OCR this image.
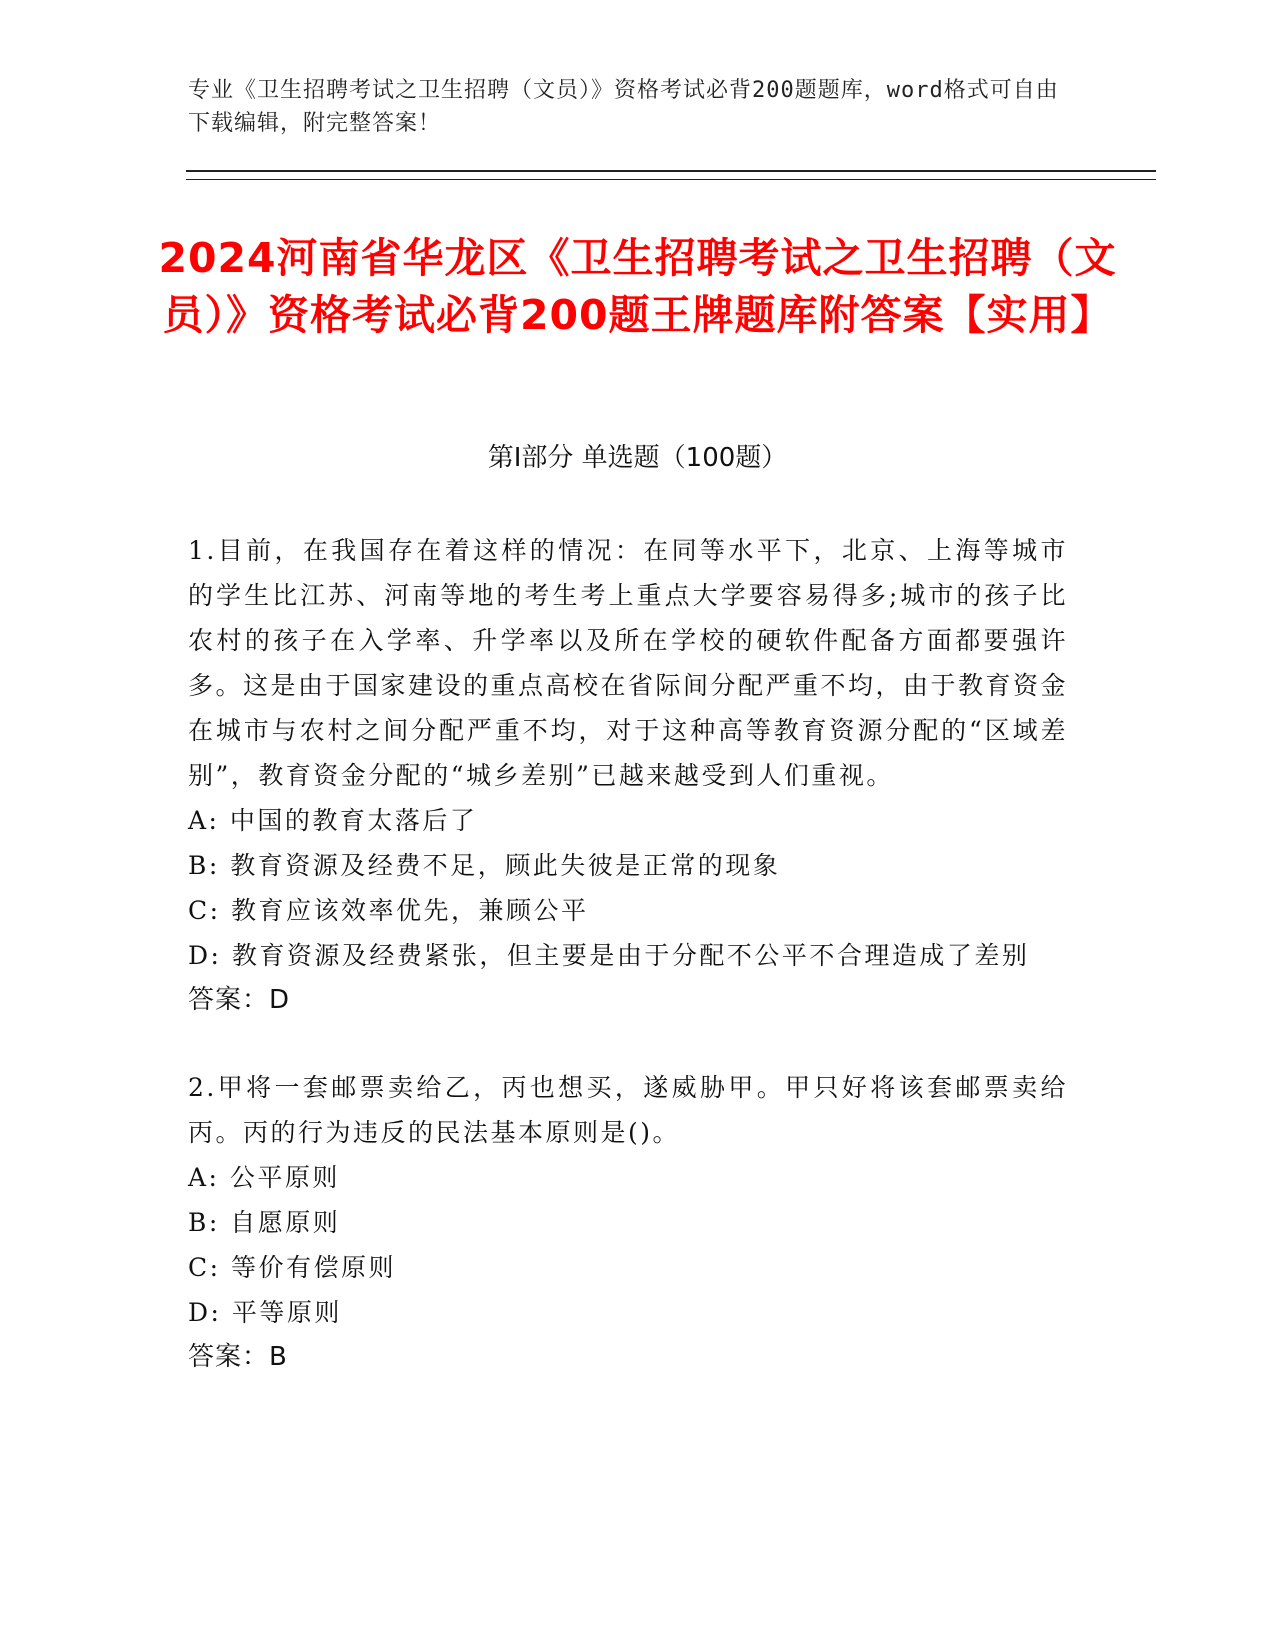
专业《卫生招聘考试之卫生招聘（文员）》资格考试必背200题题库，word格式可自由下载编辑，附完整答案！
2024河南省华龙区《卫生招聘考试之卫生招聘（文员）》资格考试必背200题王牌题库附答案【实用】
第I部分 单选题（100题）

1.目前，在我国存在着这样的情况：在同等水平下，北京、上海等城市的学生比江苏、河南等地的考生考上重点大学要容易得多;城市的孩子比农村的孩子在入学率、升学率以及所在学校的硬软件配备方面都要强许多。这是由于国家建设的重点高校在省际间分配严重不均，由于教育资金在城市与农村之间分配严重不均，对于这种高等教育资源分配的“区域差别”，教育资金分配的“城乡差别”已越来越受到人们重视。

A: 中国的教育太落后了
B: 教育资源及经费不足，顾此失彼是正常的现象
C: 教育应该效率优先，兼顾公平
D: 教育资源及经费紧张，但主要是由于分配不公平不合理造成了差别
答案：D

2.甲将一套邮票卖给乙，丙也想买，遂威胁甲。甲只好将该套邮票卖给丙。丙的行为违反的民法基本原则是()。

A: 公平原则
B: 自愿原则
C: 等价有偿原则
D: 平等原则
答案：B
